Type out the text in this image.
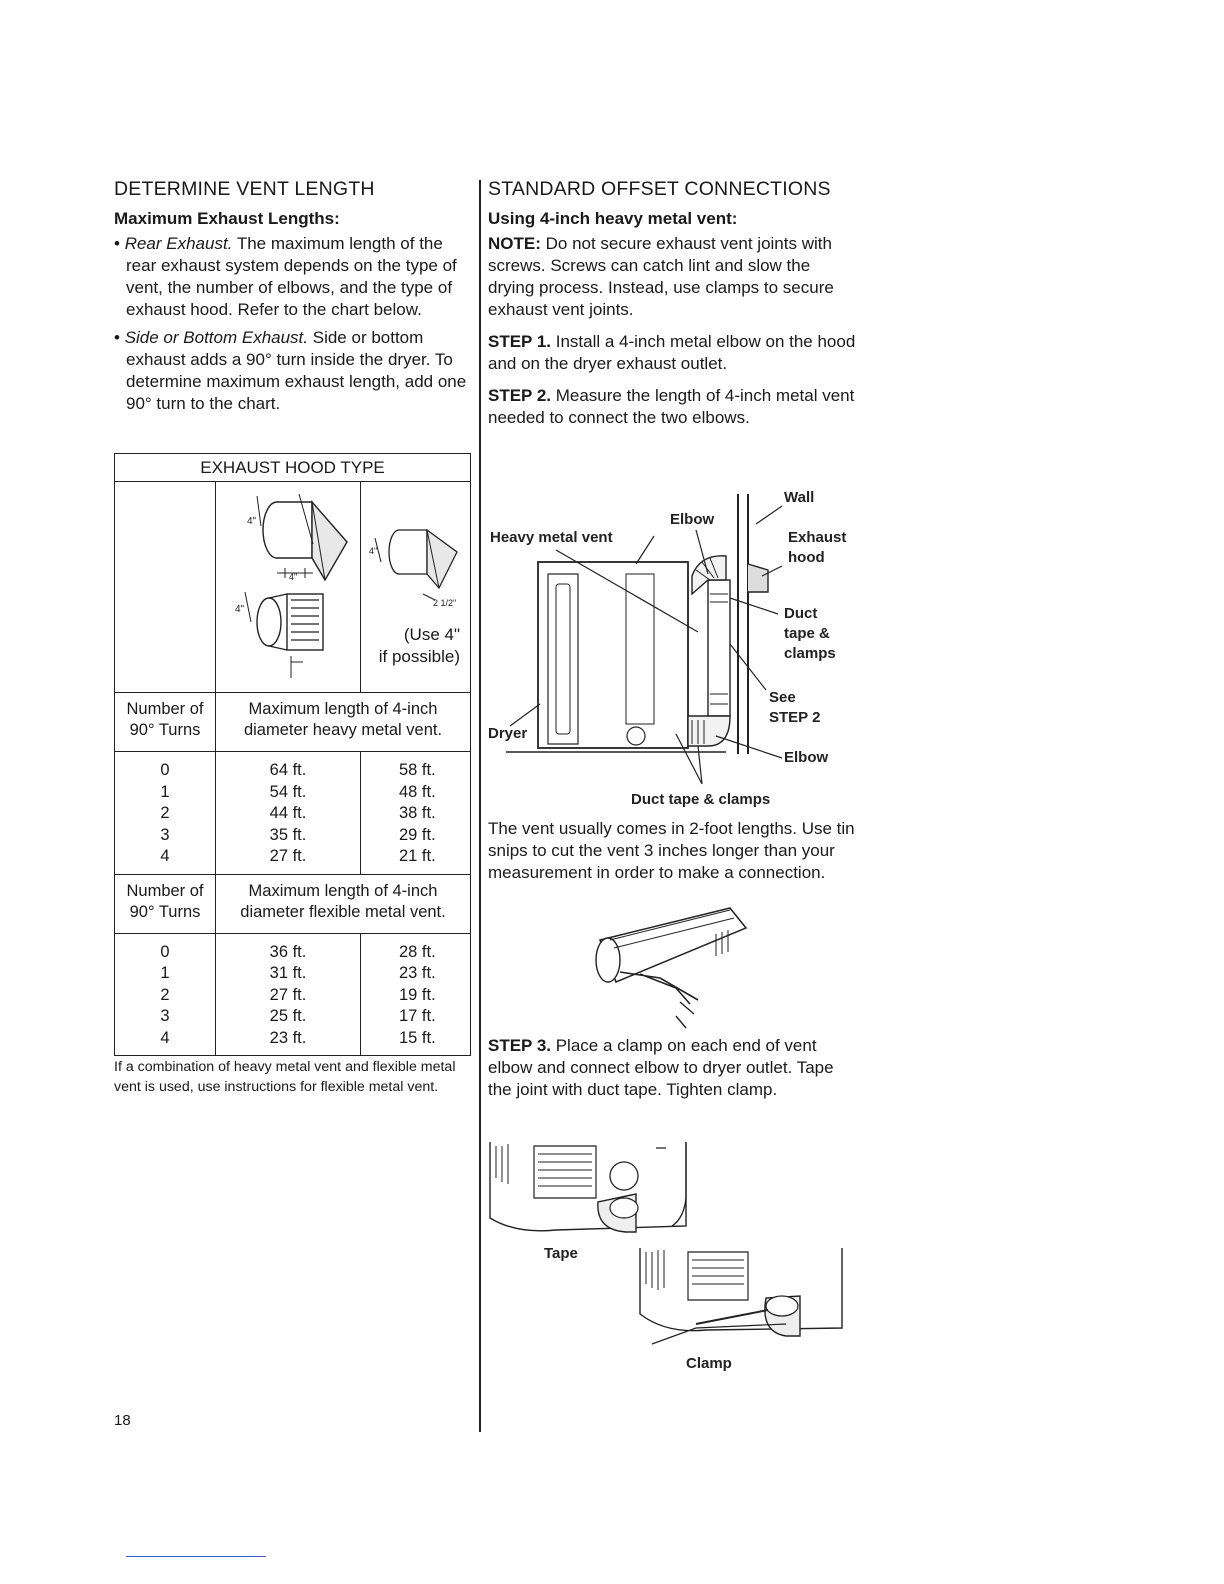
DETERMINE VENT LENGTH
Maximum Exhaust Lengths:
• Rear Exhaust. The maximum length of the rear exhaust system depends on the type of vent, the number of elbows, and the type of exhaust hood. Refer to the chart below.
• Side or Bottom Exhaust. Side or bottom exhaust adds a 90° turn inside the dryer. To determine maximum exhaust length, add one 90° turn to the chart.
EXHAUST HOOD TYPE
4"
4"
4"
4"
2 1/2"
(Use 4"
if possible)
Number of
90° Turns
Maximum length of 4-inch
diameter heavy metal vent.
0
1
2
3
4
64 ft.
54 ft.
44 ft.
35 ft.
27 ft.
58 ft.
48 ft.
38 ft.
29 ft.
21 ft.
Number of
90° Turns
Maximum length of 4-inch
diameter flexible metal vent.
0
1
2
3
4
36 ft.
31 ft.
27 ft.
25 ft.
23 ft.
28 ft.
23 ft.
19 ft.
17 ft.
15 ft.
If a combination of heavy metal vent and flexible metal vent is used, use instructions for flexible metal vent.
18
STANDARD OFFSET CONNECTIONS
Using 4-inch heavy metal vent:

NOTE: Do not secure exhaust vent joints with screws. Screws can catch lint and slow the drying process. Instead, use clamps to secure exhaust vent joints.

STEP 1. Install a 4-inch metal elbow on the hood and on the dryer exhaust outlet.

STEP 2. Measure the length of 4-inch metal vent needed to connect the two elbows.

Wall
Elbow
Heavy metal vent	Exhaust
hood
Duct
tape &
clamps
See
STEP 2
Dryer
Elbow
Duct tape & clamps

The vent usually comes in 2-foot lengths. Use tin snips to cut the vent 3 inches longer than your measurement in order to make a connection.

STEP 3. Place a clamp on each end of vent elbow and connect elbow to dryer outlet. Tape the joint with duct tape. Tighten clamp.

Tape
Clamp
